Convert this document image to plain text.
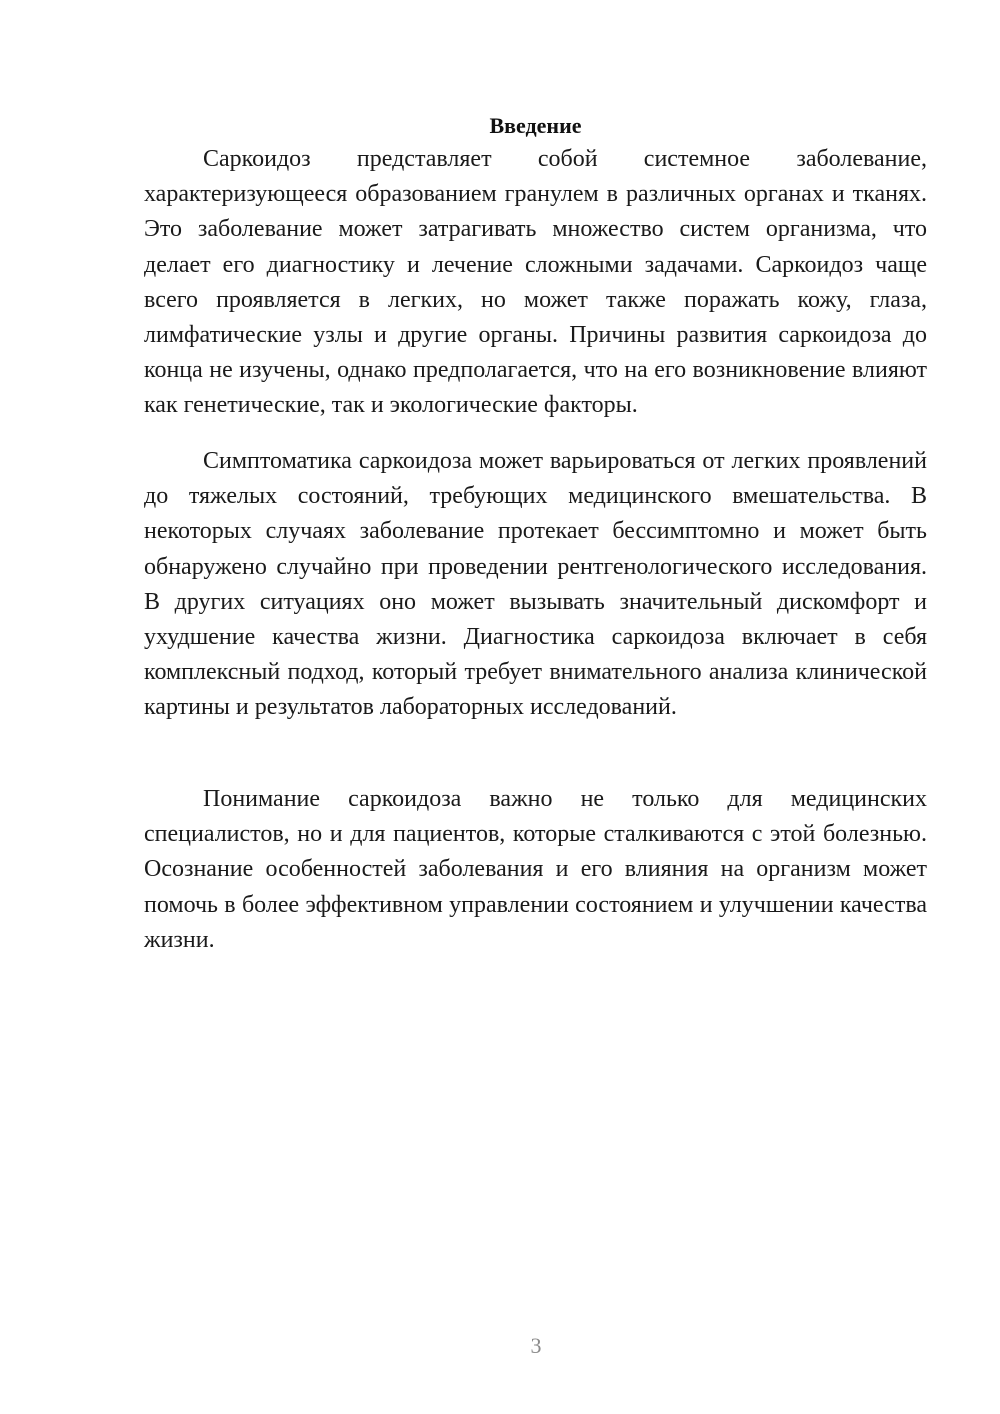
Введение

Саркоидоз представляет собой системное заболевание, характеризующееся образованием гранулем в различных органах и тканях. Это заболевание может затрагивать множество систем организма, что делает его диагностику и лечение сложными задачами. Саркоидоз чаще всего проявляется в легких, но может также поражать кожу, глаза, лимфатические узлы и другие органы. Причины развития саркоидоза до конца не изучены, однако предполагается, что на его возникновение влияют как генетические, так и экологические факторы.

Симптоматика саркоидоза может варьироваться от легких проявлений до тяжелых состояний, требующих медицинского вмешательства. В некоторых случаях заболевание протекает бессимптомно и может быть обнаружено случайно при проведении рентгенологического исследования. В других ситуациях оно может вызывать значительный дискомфорт и ухудшение качества жизни. Диагностика саркоидоза включает в себя комплексный подход, который требует внимательного анализа клинической картины и результатов лабораторных исследований.

Понимание саркоидоза важно не только для медицинских специалистов, но и для пациентов, которые сталкиваются с этой болезнью. Осознание особенностей заболевания и его влияния на организм может помочь в более эффективном управлении состоянием и улучшении качества жизни.

3
